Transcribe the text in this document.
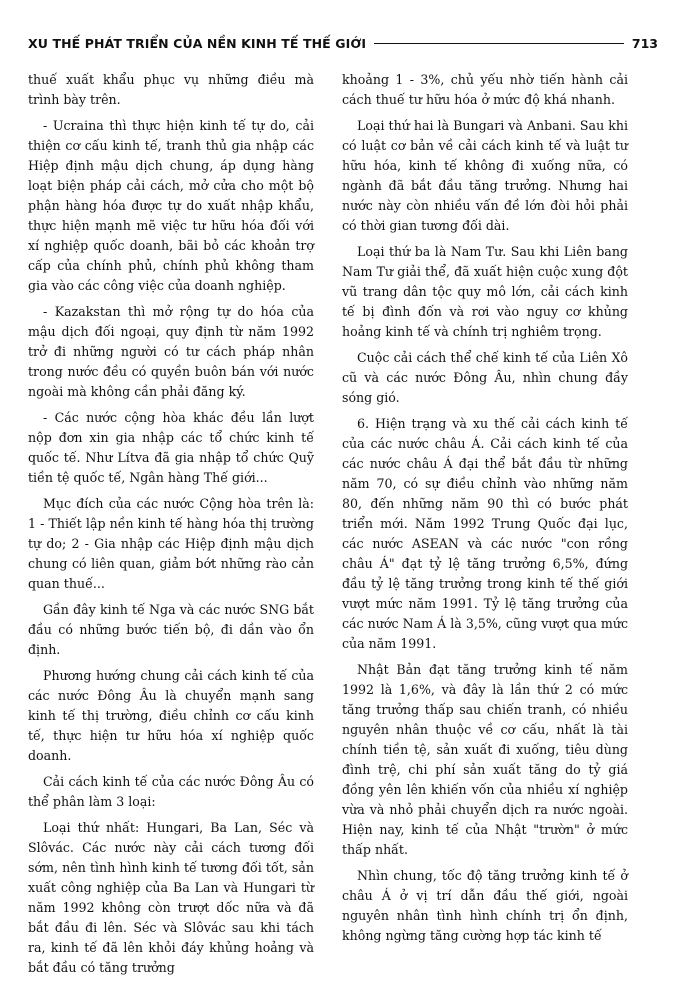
XU THẾ PHÁT TRIỂN CỦA NỀN KINH TẾ THẾ GIỚI	713

thuế xuất khẩu phục vụ những điều mà trình bày trên.

- Ucraina thì thực hiện kinh tế tự do, cải thiện cơ cấu kinh tế, tranh thủ gia nhập các Hiệp định mậu dịch chung, áp dụng hàng loạt biện pháp cải cách, mở cửa cho một bộ phận hàng hóa được tự do xuất nhập khẩu, thực hiện mạnh mẽ việc tư hữu hóa đối với xí nghiệp quốc doanh, bãi bỏ các khoản trợ cấp của chính phủ, chính phủ không tham gia vào các công việc của doanh nghiệp.

- Kazakstan thì mở rộng tự do hóa của mậu dịch đối ngoại, quy định từ năm 1992 trở đi những người có tư cách pháp nhân trong nước đều có quyền buôn bán với nước ngoài mà không cần phải đăng ký.

- Các nước cộng hòa khác đều lần lượt nộp đơn xin gia nhập các tổ chức kinh tế quốc tế. Như Lítva đã gia nhập tổ chức Quỹ tiền tệ quốc tế, Ngân hàng Thế giới...

Mục đích của các nước Cộng hòa trên là: 1 - Thiết lập nền kinh tế hàng hóa thị trường tự do; 2 - Gia nhập các Hiệp định mậu dịch chung có liên quan, giảm bớt những rào cản quan thuế...

Gần đây kinh tế Nga và các nước SNG bắt đầu có những bước tiến bộ, đi dần vào ổn định.

Phương hướng chung cải cách kinh tế của các nước Đông Âu là chuyển mạnh sang kinh tế thị trường, điều chỉnh cơ cấu kinh tế, thực hiện tư hữu hóa xí nghiệp quốc doanh.

Cải cách kinh tế của các nước Đông Âu có thể phân làm 3 loại:

Loại thứ nhất: Hungari, Ba Lan, Séc và Slôvác. Các nước này cải cách tương đối sớm, nên tình hình kinh tế tương đối tốt, sản xuất công nghiệp của Ba Lan và Hungari từ năm 1992 không còn trượt dốc nữa và đã bắt đầu đi lên. Séc và Slôvác sau khi tách ra, kinh tế đã lên khỏi đáy khủng hoảng và bắt đầu có tăng trưởng

khoảng 1 - 3%, chủ yếu nhờ tiến hành cải cách thuế tư hữu hóa ở mức độ khá nhanh.

Loại thứ hai là Bungari và Anbani. Sau khi có luật cơ bản về cải cách kinh tế và luật tư hữu hóa, kinh tế không đi xuống nữa, có ngành đã bắt đầu tăng trưởng. Nhưng hai nước này còn nhiều vấn đề lớn đòi hỏi phải có thời gian tương đối dài.

Loại thứ ba là Nam Tư. Sau khi Liên bang Nam Tư giải thể, đã xuất hiện cuộc xung đột vũ trang dân tộc quy mô lớn, cải cách kinh tế bị đình đốn và rơi vào nguy cơ khủng hoảng kinh tế và chính trị nghiêm trọng.

Cuộc cải cách thể chế kinh tế của Liên Xô cũ và các nước Đông Âu, nhìn chung đầy sóng gió.

6. Hiện trạng và xu thế cải cách kinh tế của các nước châu Á. Cải cách kinh tế của các nước châu Á đại thể bắt đầu từ những năm 70, có sự điều chỉnh vào những năm 80, đến những năm 90 thì có bước phát triển mới. Năm 1992 Trung Quốc đại lục, các nước ASEAN và các nước "con rồng châu Á" đạt tỷ lệ tăng trưởng 6,5%, đứng đầu tỷ lệ tăng trưởng trong kinh tế thế giới vượt mức năm 1991. Tỷ lệ tăng trưởng của các nước Nam Á là 3,5%, cũng vượt qua mức của năm 1991.

Nhật Bản đạt tăng trưởng kinh tế năm 1992 là 1,6%, và đây là lần thứ 2 có mức tăng trưởng thấp sau chiến tranh, có nhiều nguyên nhân thuộc về cơ cấu, nhất là tài chính tiền tệ, sản xuất đi xuống, tiêu dùng đình trệ, chi phí sản xuất tăng do tỷ giá đồng yên lên khiến vốn của nhiều xí nghiệp vừa và nhỏ phải chuyển dịch ra nước ngoài. Hiện nay, kinh tế của Nhật "trườn" ở mức thấp nhất.

Nhìn chung, tốc độ tăng trưởng kinh tế ở châu Á ở vị trí dẫn đầu thế giới, ngoài nguyên nhân tình hình chính trị ổn định, không ngừng tăng cường hợp tác kinh tế
